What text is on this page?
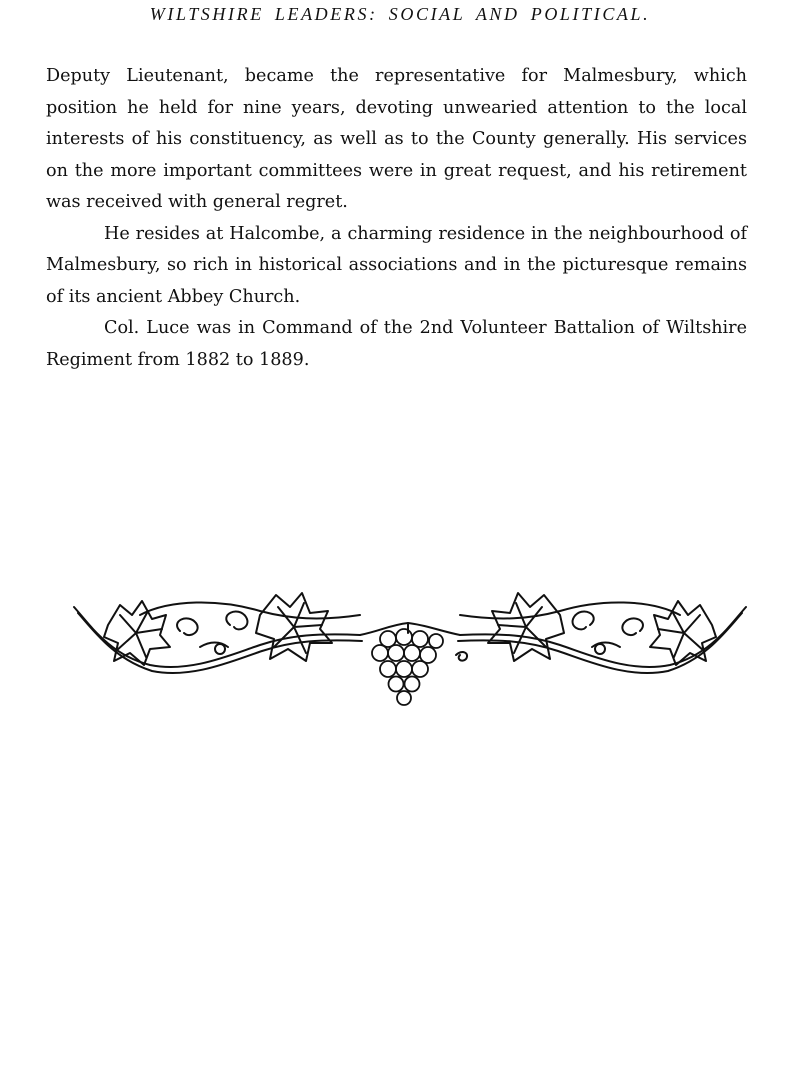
WILTSHIRE LEADERS: SOCIAL AND POLITICAL.

Deputy Lieutenant, became the representative for Malmesbury, which position he held for nine years, devoting unwearied attention to the local interests of his constituency, as well as to the County generally. His services on the more important committees were in great request, and his retirement was received with general regret.

He resides at Halcombe, a charming residence in the neighbourhood of Malmesbury, so rich in historical associations and in the picturesque remains of its ancient Abbey Church.

Col. Luce was in Command of the 2nd Volunteer Battalion of Wiltshire Regiment from 1882 to 1889.
